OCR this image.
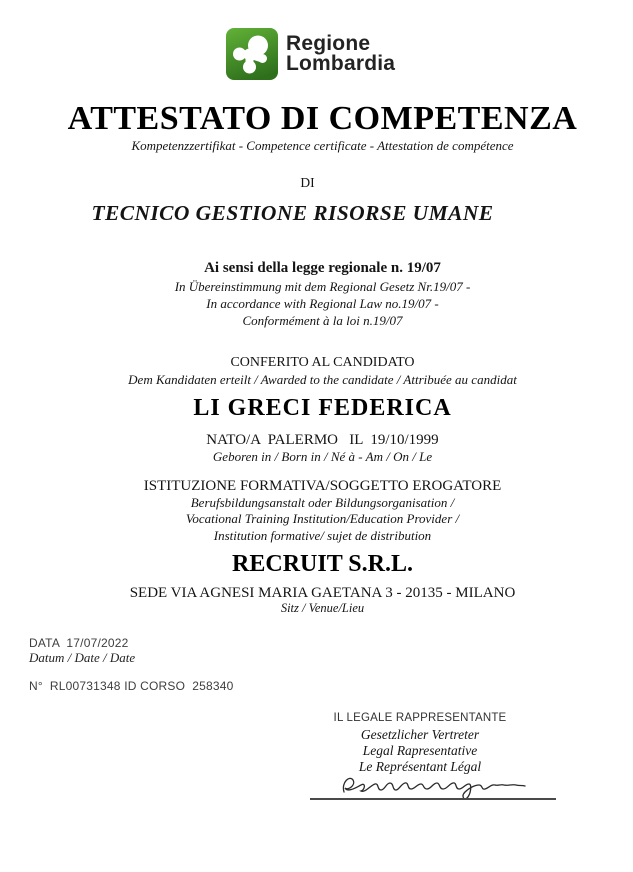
Regione
Lombardia
ATTESTATO DI COMPETENZA
Kompetenzzertifikat - Competence certificate - Attestation de compétence
DI
TECNICO GESTIONE RISORSE UMANE
Ai sensi della legge regionale n. 19/07
In Übereinstimmung mit dem Regional Gesetz Nr.19/07 -
In accordance with Regional Law no.19/07 -
Conformément à la loi n.19/07
CONFERITO AL CANDIDATO
Dem Kandidaten erteilt / Awarded to the candidate / Attribuée au candidat
LI GRECI FEDERICA
NATO/A  PALERMO   IL  19/10/1999
Geboren in / Born in / Né à - Am / On / Le
ISTITUZIONE FORMATIVA/SOGGETTO EROGATORE
Berufsbildungsanstalt oder Bildungsorganisation /
Vocational Training Institution/Education Provider /
Institution formative/ sujet de distribution
RECRUIT S.R.L.
SEDE VIA AGNESI MARIA GAETANA 3 - 20135 - MILANO
Sitz / Venue/Lieu
DATA  17/07/2022
Datum / Date / Date
N°  RL00731348 ID CORSO  258340
IL LEGALE RAPPRESENTANTE
Gesetzlicher Vertreter
Legal Rapresentative
Le Représentant Légal
